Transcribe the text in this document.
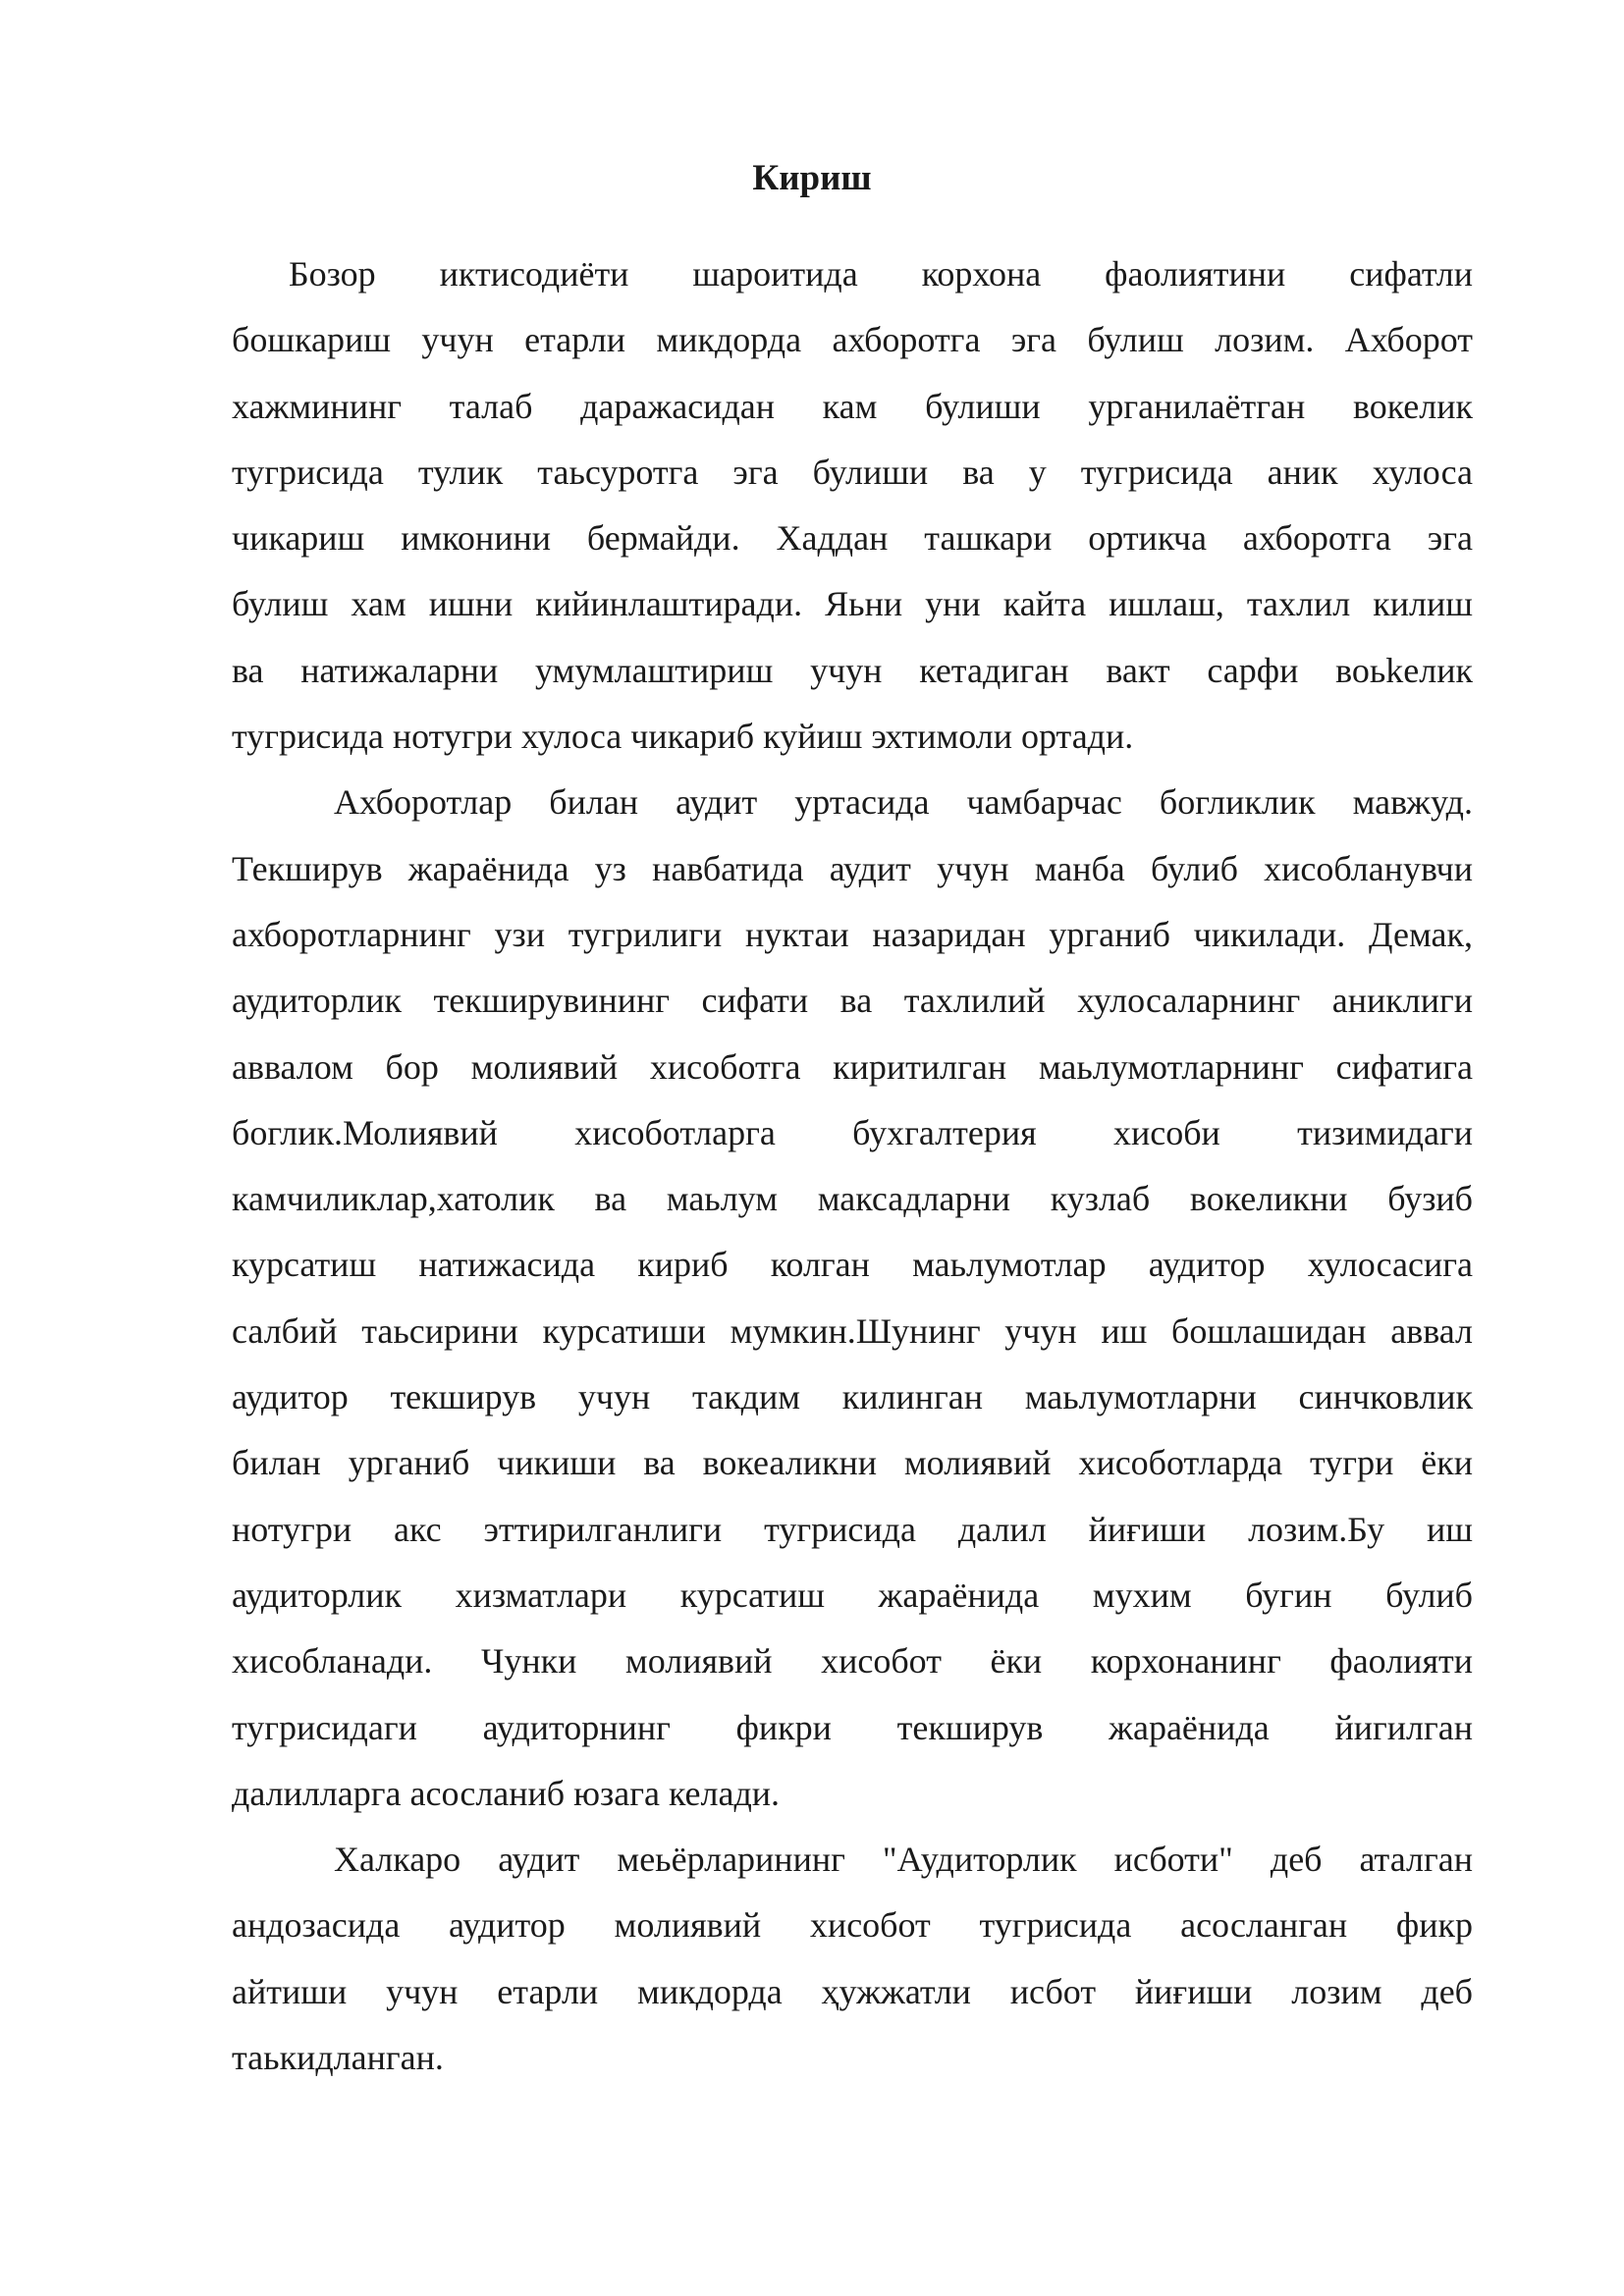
Кириш
Бозор иктисодиёти шароитида корхона фаолиятини сифатли
бошкариш учун етарли микдорда ахборотга эга булиш лозим. Ахборот
хажмининг талаб даражасидан кам булиши урганилаётган вокелик
тугрисида тулик таьсуротга эга булиши ва у тугрисида аник хулоса
чикариш имконини бермайди. Хаддан ташкари ортикча ахборотга эга
булиш хам ишни кийинлаштиради. Яьни уни кайта ишлаш, тахлил килиш
ва натижаларни умумлаштириш учун кетадиган вакт сарфи воьkелик
тугрисида нотугри хулоса чикариб куйиш эхтимоли ортади.
Ахборотлар билан аудит уртасида чамбарчас богликлик мавжуд.
Текширув жараёнида уз навбатида аудит учун манба булиб хисобланувчи
ахборотларнинг узи тугрилиги нуктаи назаридан урганиб чикилади. Демак,
аудиторлик текширувининг сифати ва тахлилий хулосаларнинг аниклиги
аввалом бор молиявий хисоботга киритилган маьлумотларнинг сифатига
боглик.Молиявий хисоботларга бухгалтерия хисоби тизимидаги
камчиликлар,хатолик ва маьлум максадларни кузлаб вокеликни бузиб
курсатиш натижасида кириб колган маьлумотлар аудитор хулосасига
салбий таьсирини курсатиши мумкин.Шунинг учун иш бошлашидан аввал
аудитор текширув учун такдим килинган маьлумотларни синчковлик
билан урганиб чикиши ва вокеаликни молиявий хисоботларда тугри ёки
нотугри акс эттирилганлиги тугрисида далил йиғиши лозим.Бу иш
аудиторлик хизматлари курсатиш жараёнида мухим бугин булиб
хисобланади. Чунки молиявий хисобот ёки корхонанинг фаолияти
тугрисидаги аудиторнинг фикри текширув жараёнида йигилган
далилларга асосланиб юзага келади.
Халкаро аудит меьёрларининг "Аудиторлик исботи" деб аталган
андозасида аудитор молиявий хисобот тугрисида асосланган фикр
айтиши учун етарли микдорда ҳужжатли исбот йиғиши лозим деб
таькидланган.
